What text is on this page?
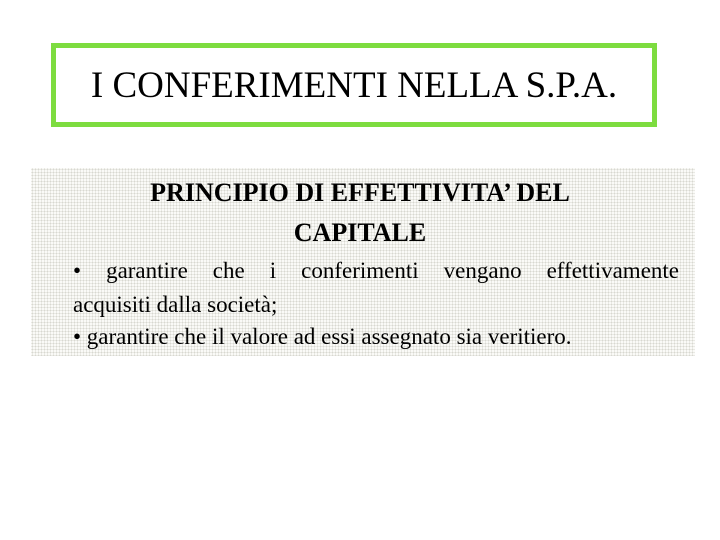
I CONFERIMENTI NELLA S.P.A.
PRINCIPIO DI EFFETTIVITA’ DEL
CAPITALE
• garantire che i conferimenti vengano effettivamente
acquisiti dalla società;
• garantire che il valore ad essi assegnato sia veritiero.
